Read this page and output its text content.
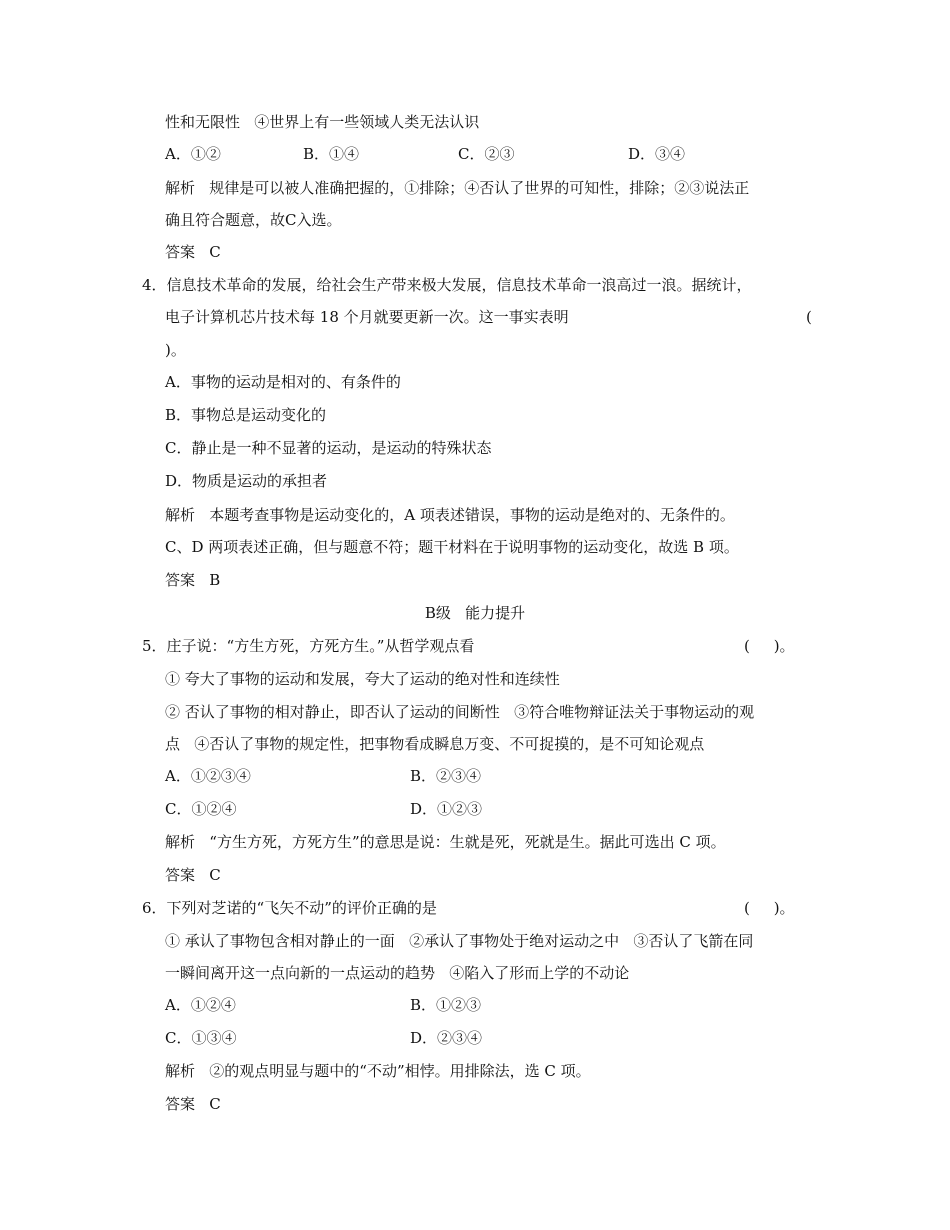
性和无限性   ④世界上有一些领域人类无法认识
A．①②	B．①④	C．②③	D．③④
解析   规律是可以被人准确把握的，①排除；④否认了世界的可知性，排除；②③说法正
确且符合题意，故C入选。
答案   C
4．信息技术革命的发展，给社会生产带来极大发展，信息技术革命一浪高过一浪。据统计，
电子计算机芯片技术每 18 个月就要更新一次。这一事实表明	(
)。
A．事物的运动是相对的、有条件的
B．事物总是运动变化的
C．静止是一种不显著的运动，是运动的特殊状态
D．物质是运动的承担者
解析   本题考查事物是运动变化的，A 项表述错误，事物的运动是绝对的、无条件的。
C、D 两项表述正确，但与题意不符；题干材料在于说明事物的运动变化，故选 B 项。
答案   B
B级   能力提升
5．庄子说：“方生方死，方死方生。”从哲学观点看	(     )。
① 夸大了事物的运动和发展，夸大了运动的绝对性和连续性
② 否认了事物的相对静止，即否认了运动的间断性   ③符合唯物辩证法关于事物运动的观
点   ④否认了事物的规定性，把事物看成瞬息万变、不可捉摸的，是不可知论观点
A．①②③④	B．②③④
C．①②④	D．①②③
解析   “方生方死，方死方生”的意思是说：生就是死，死就是生。据此可选出 C 项。
答案   C
6．下列对芝诺的“飞矢不动”的评价正确的是	(     )。
① 承认了事物包含相对静止的一面   ②承认了事物处于绝对运动之中   ③否认了飞箭在同
一瞬间离开这一点向新的一点运动的趋势   ④陷入了形而上学的不动论
A．①②④	B．①②③
C．①③④	D．②③④
解析   ②的观点明显与题中的“不动”相悖。用排除法，选 C 项。
答案   C
